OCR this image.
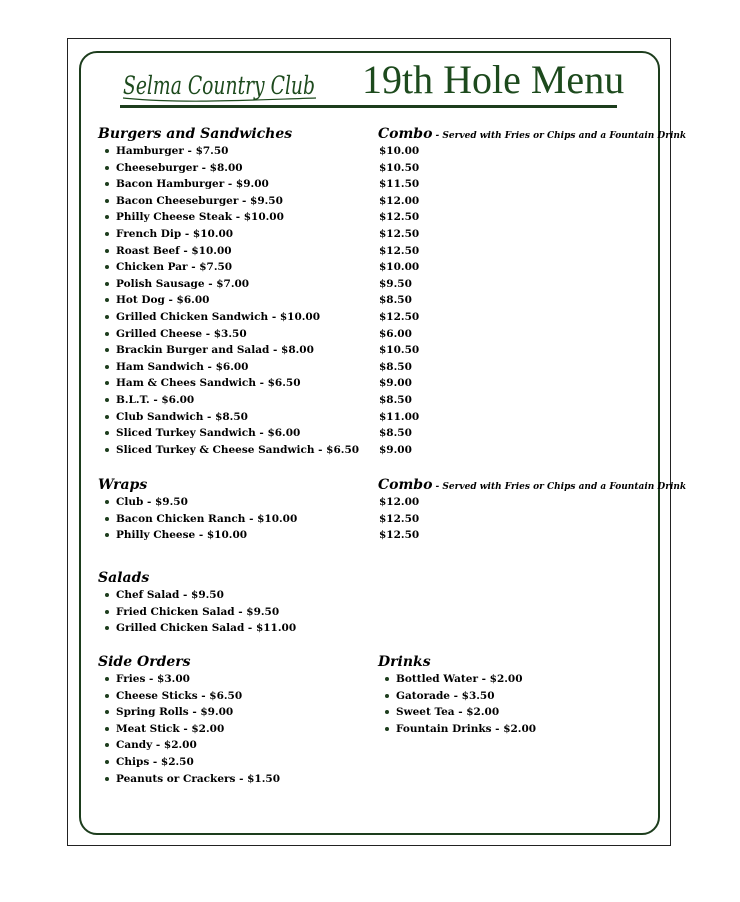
Selma Country Club 19th Hole Menu
Burgers and Sandwiches
Hamburger - $7.50
Cheeseburger - $8.00
Bacon Hamburger - $9.00
Bacon Cheeseburger - $9.50
Philly Cheese Steak - $10.00
French Dip - $10.00
Roast Beef - $10.00
Chicken Par - $7.50
Polish Sausage - $7.00
Hot Dog - $6.00
Grilled Chicken Sandwich - $10.00
Grilled Cheese - $3.50
Brackin Burger and Salad - $8.00
Ham Sandwich - $6.00
Ham & Chees Sandwich - $6.50
B.L.T. - $6.00
Club Sandwich - $8.50
Sliced Turkey Sandwich - $6.00
Sliced Turkey & Cheese Sandwich - $6.50
Combo - Served with Fries or Chips and a Fountain Drink
$10.00
$10.50
$11.50
$12.00
$12.50
$12.50
$12.50
$10.00
$9.50
$8.50
$12.50
$6.00
$10.50
$8.50
$9.00
$8.50
$11.00
$8.50
$9.00
Wraps
Club - $9.50
Bacon Chicken Ranch - $10.00
Philly Cheese - $10.00
Combo - Served with Fries or Chips and a Fountain Drink
$12.00
$12.50
$12.50
Salads
Chef Salad - $9.50
Fried Chicken Salad - $9.50
Grilled Chicken Salad - $11.00
Side Orders
Fries - $3.00
Cheese Sticks - $6.50
Spring Rolls - $9.00
Meat Stick - $2.00
Candy - $2.00
Chips - $2.50
Peanuts or Crackers - $1.50
Drinks
Bottled Water - $2.00
Gatorade - $3.50
Sweet Tea - $2.00
Fountain Drinks - $2.00
